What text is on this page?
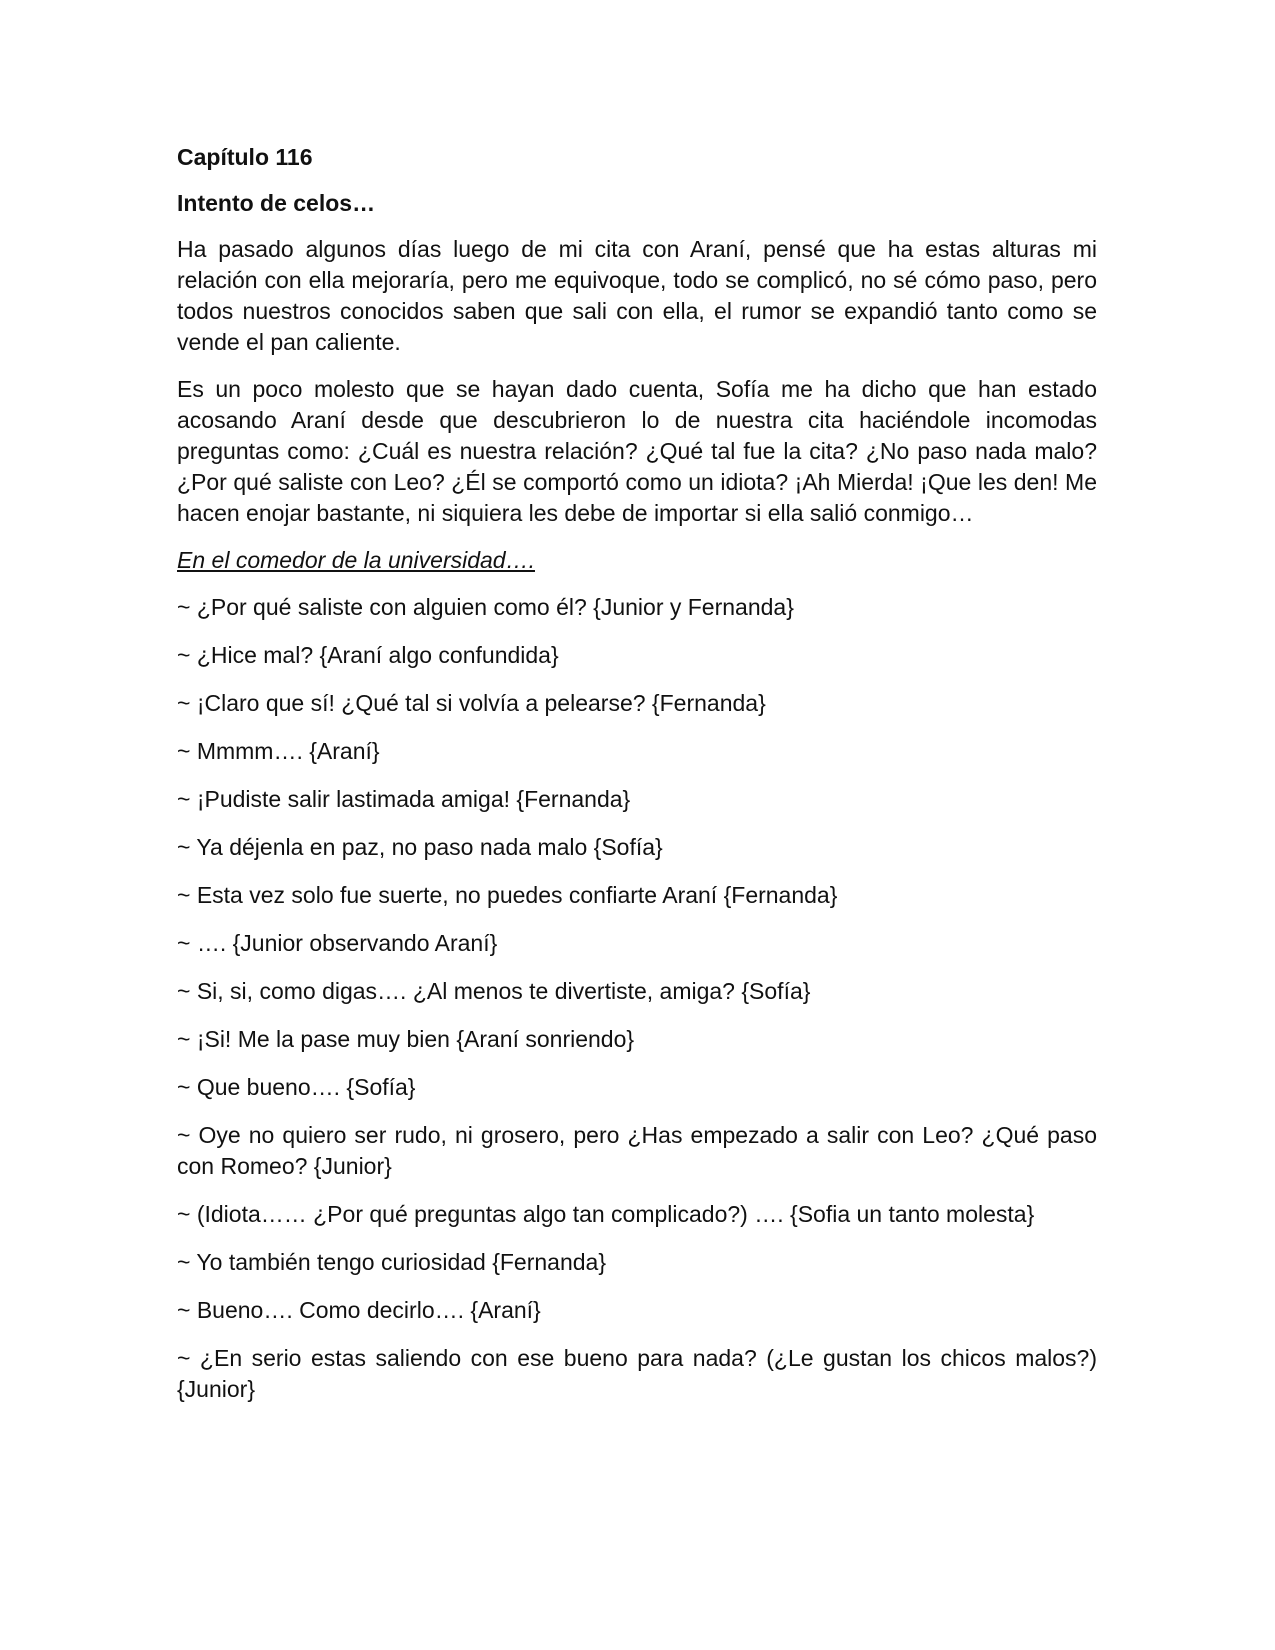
Capítulo 116
Intento de celos…

Ha pasado algunos días luego de mi cita con Araní, pensé que ha estas alturas mi relación con ella mejoraría, pero me equivoque, todo se complicó, no sé cómo paso, pero todos nuestros conocidos saben que sali con ella, el rumor se expandió tanto como se vende el pan caliente.

Es un poco molesto que se hayan dado cuenta, Sofía me ha dicho que han estado acosando Araní desde que descubrieron lo de nuestra cita haciéndole incomodas preguntas como: ¿Cuál es nuestra relación? ¿Qué tal fue la cita? ¿No paso nada malo? ¿Por qué saliste con Leo? ¿Él se comportó como un idiota? ¡Ah Mierda! ¡Que les den! Me hacen enojar bastante, ni siquiera les debe de importar si ella salió conmigo…

En el comedor de la universidad….
~ ¿Por qué saliste con alguien como él? {Junior y Fernanda}
~ ¿Hice mal? {Araní algo confundida}
~ ¡Claro que sí! ¿Qué tal si volvía a pelearse? {Fernanda}
~ Mmmm…. {Araní}
~ ¡Pudiste salir lastimada amiga! {Fernanda}
~ Ya déjenla en paz, no paso nada malo {Sofía}
~ Esta vez solo fue suerte, no puedes confiarte Araní {Fernanda}
~ …. {Junior observando Araní}
~ Si, si, como digas…. ¿Al menos te divertiste, amiga? {Sofía}
~ ¡Si! Me la pase muy bien {Araní sonriendo}
~ Que bueno…. {Sofía}
~ Oye no quiero ser rudo, ni grosero, pero ¿Has empezado a salir con Leo? ¿Qué paso con Romeo? {Junior}
~ (Idiota…… ¿Por qué preguntas algo tan complicado?) …. {Sofia un tanto molesta}
~ Yo también tengo curiosidad {Fernanda}
~ Bueno…. Como decirlo…. {Araní}
~ ¿En serio estas saliendo con ese bueno para nada? (¿Le gustan los chicos malos?) {Junior}
